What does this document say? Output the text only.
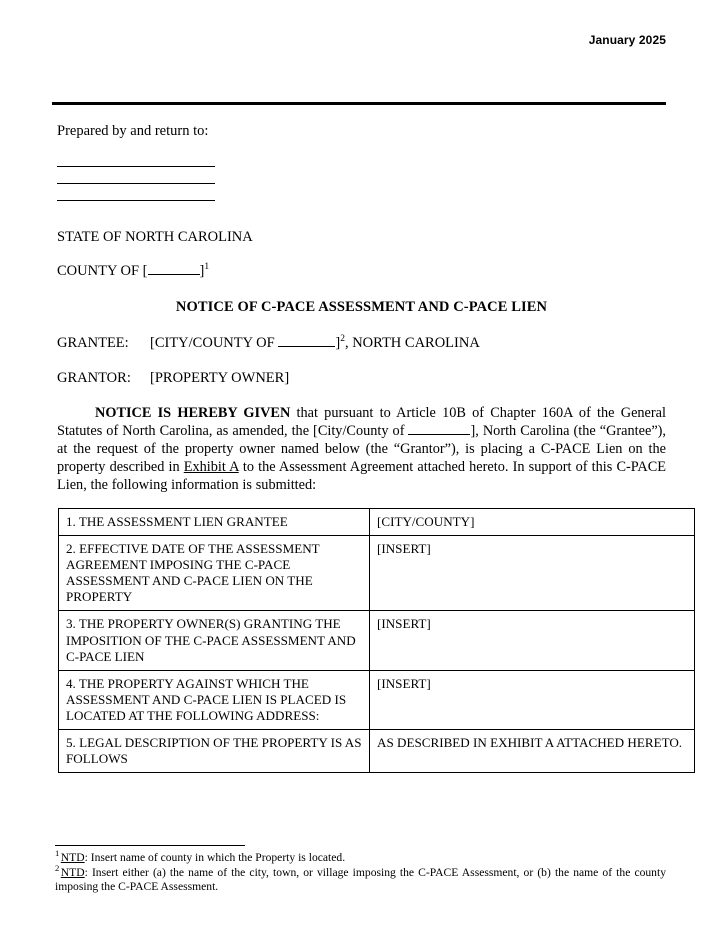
January 2025
Prepared by and return to:
STATE OF NORTH CAROLINA
COUNTY OF [	]$^1$
NOTICE OF C-PACE ASSESSMENT AND C-PACE LIEN
GRANTEE: [CITY/COUNTY OF	]$^2$, NORTH CAROLINA
GRANTOR: [PROPERTY OWNER]
NOTICE IS HEREBY GIVEN that pursuant to Article 10B of Chapter 160A of the General Statutes of North Carolina, as amended, the [City/County of	], North Carolina (the “Grantee”), at the request of the property owner named below (the “Grantor”), is placing a C-PACE Lien on the property described in Exhibit A to the Assessment Agreement attached hereto. In support of this C-PACE Lien, the following information is submitted:
1. THE ASSESSMENT LIEN GRANTEE	[CITY/COUNTY]
2. EFFECTIVE DATE OF THE ASSESSMENT AGREEMENT IMPOSING THE C-PACE ASSESSMENT AND C-PACE LIEN ON THE PROPERTY	[INSERT]
3. THE PROPERTY OWNER(S) GRANTING THE IMPOSITION OF THE C-PACE ASSESSMENT AND C-PACE LIEN	[INSERT]
4. THE PROPERTY AGAINST WHICH THE ASSESSMENT AND C-PACE LIEN IS PLACED IS LOCATED AT THE FOLLOWING ADDRESS:	[INSERT]
5. LEGAL DESCRIPTION OF THE PROPERTY IS AS FOLLOWS	AS DESCRIBED IN EXHIBIT A ATTACHED HERETO.

$^1$ NTD: Insert name of county in which the Property is located.

$^2$ NTD: Insert either (a) the name of the city, town, or village imposing the C-PACE Assessment, or (b) the name of the county imposing the C-PACE Assessment.
